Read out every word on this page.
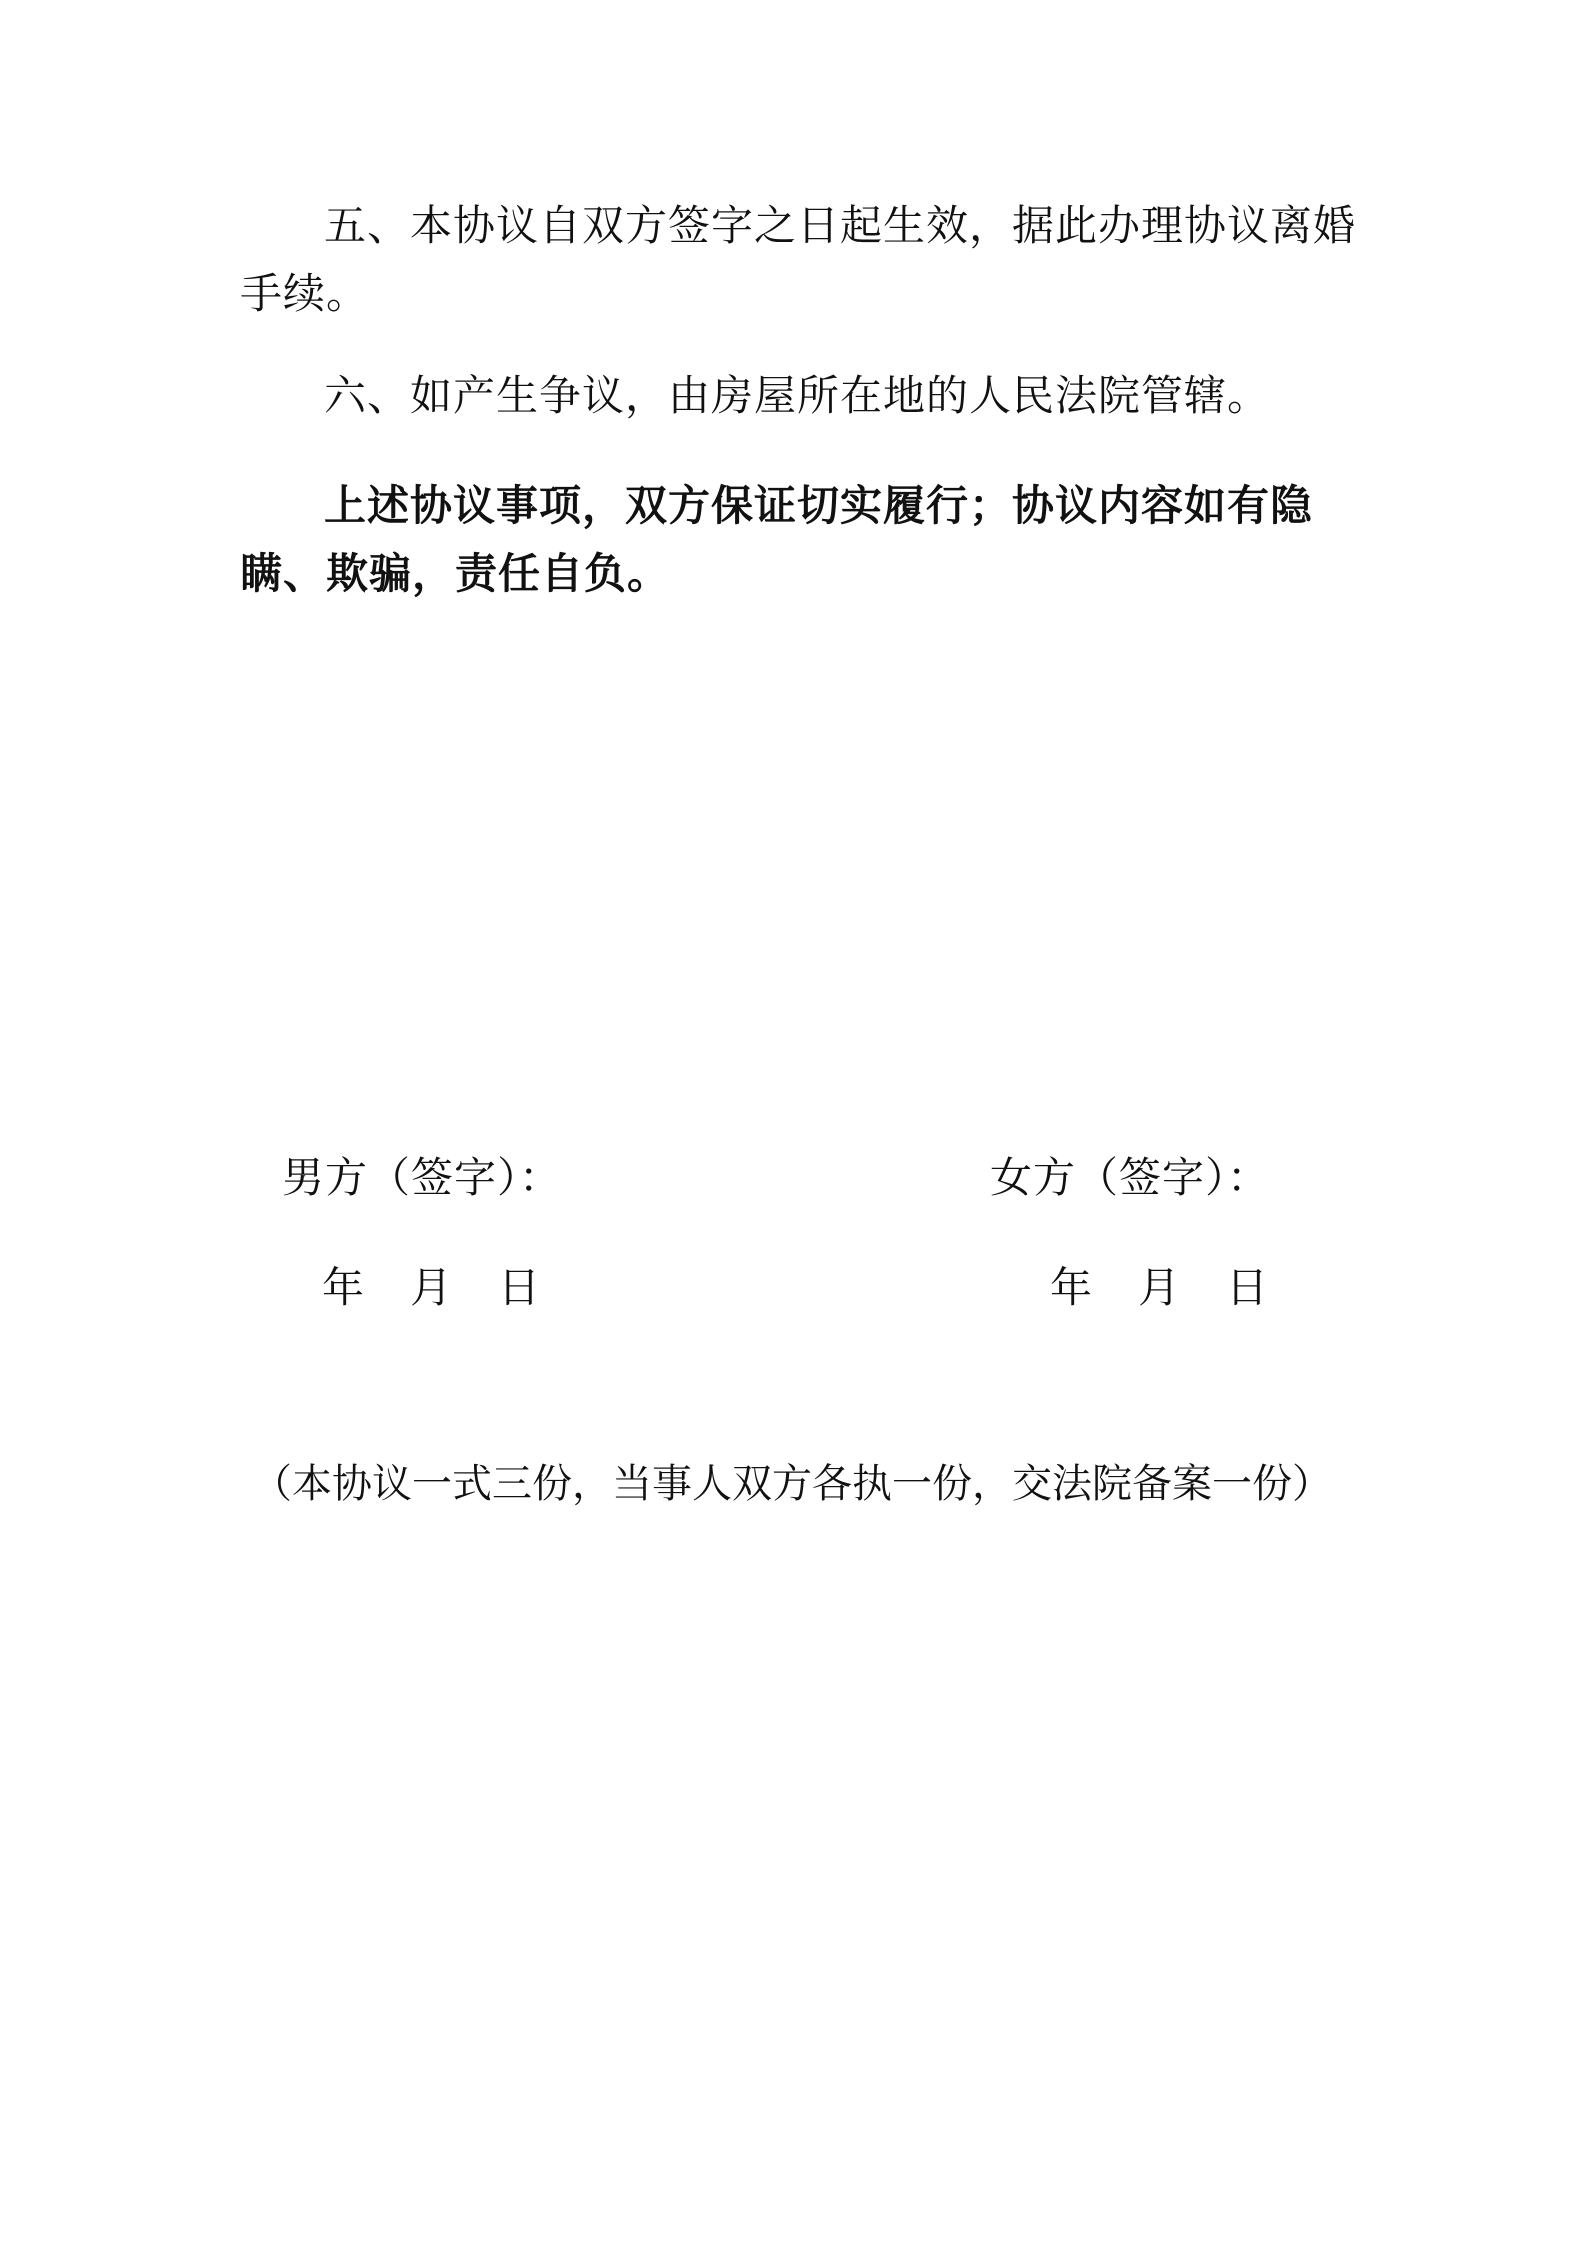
五、本协议自双方签字之日起生效，据此办理协议离婚手续。

六、如产生争议，由房屋所在地的人民法院管辖。

上述协议事项，双方保证切实履行；协议内容如有隐瞒、欺骗，责任自负。

男方（签字）：	女方（签字）：
年 月 日	年 月 日
（本协议一式三份，当事人双方各执一份，交法院备案一份）
